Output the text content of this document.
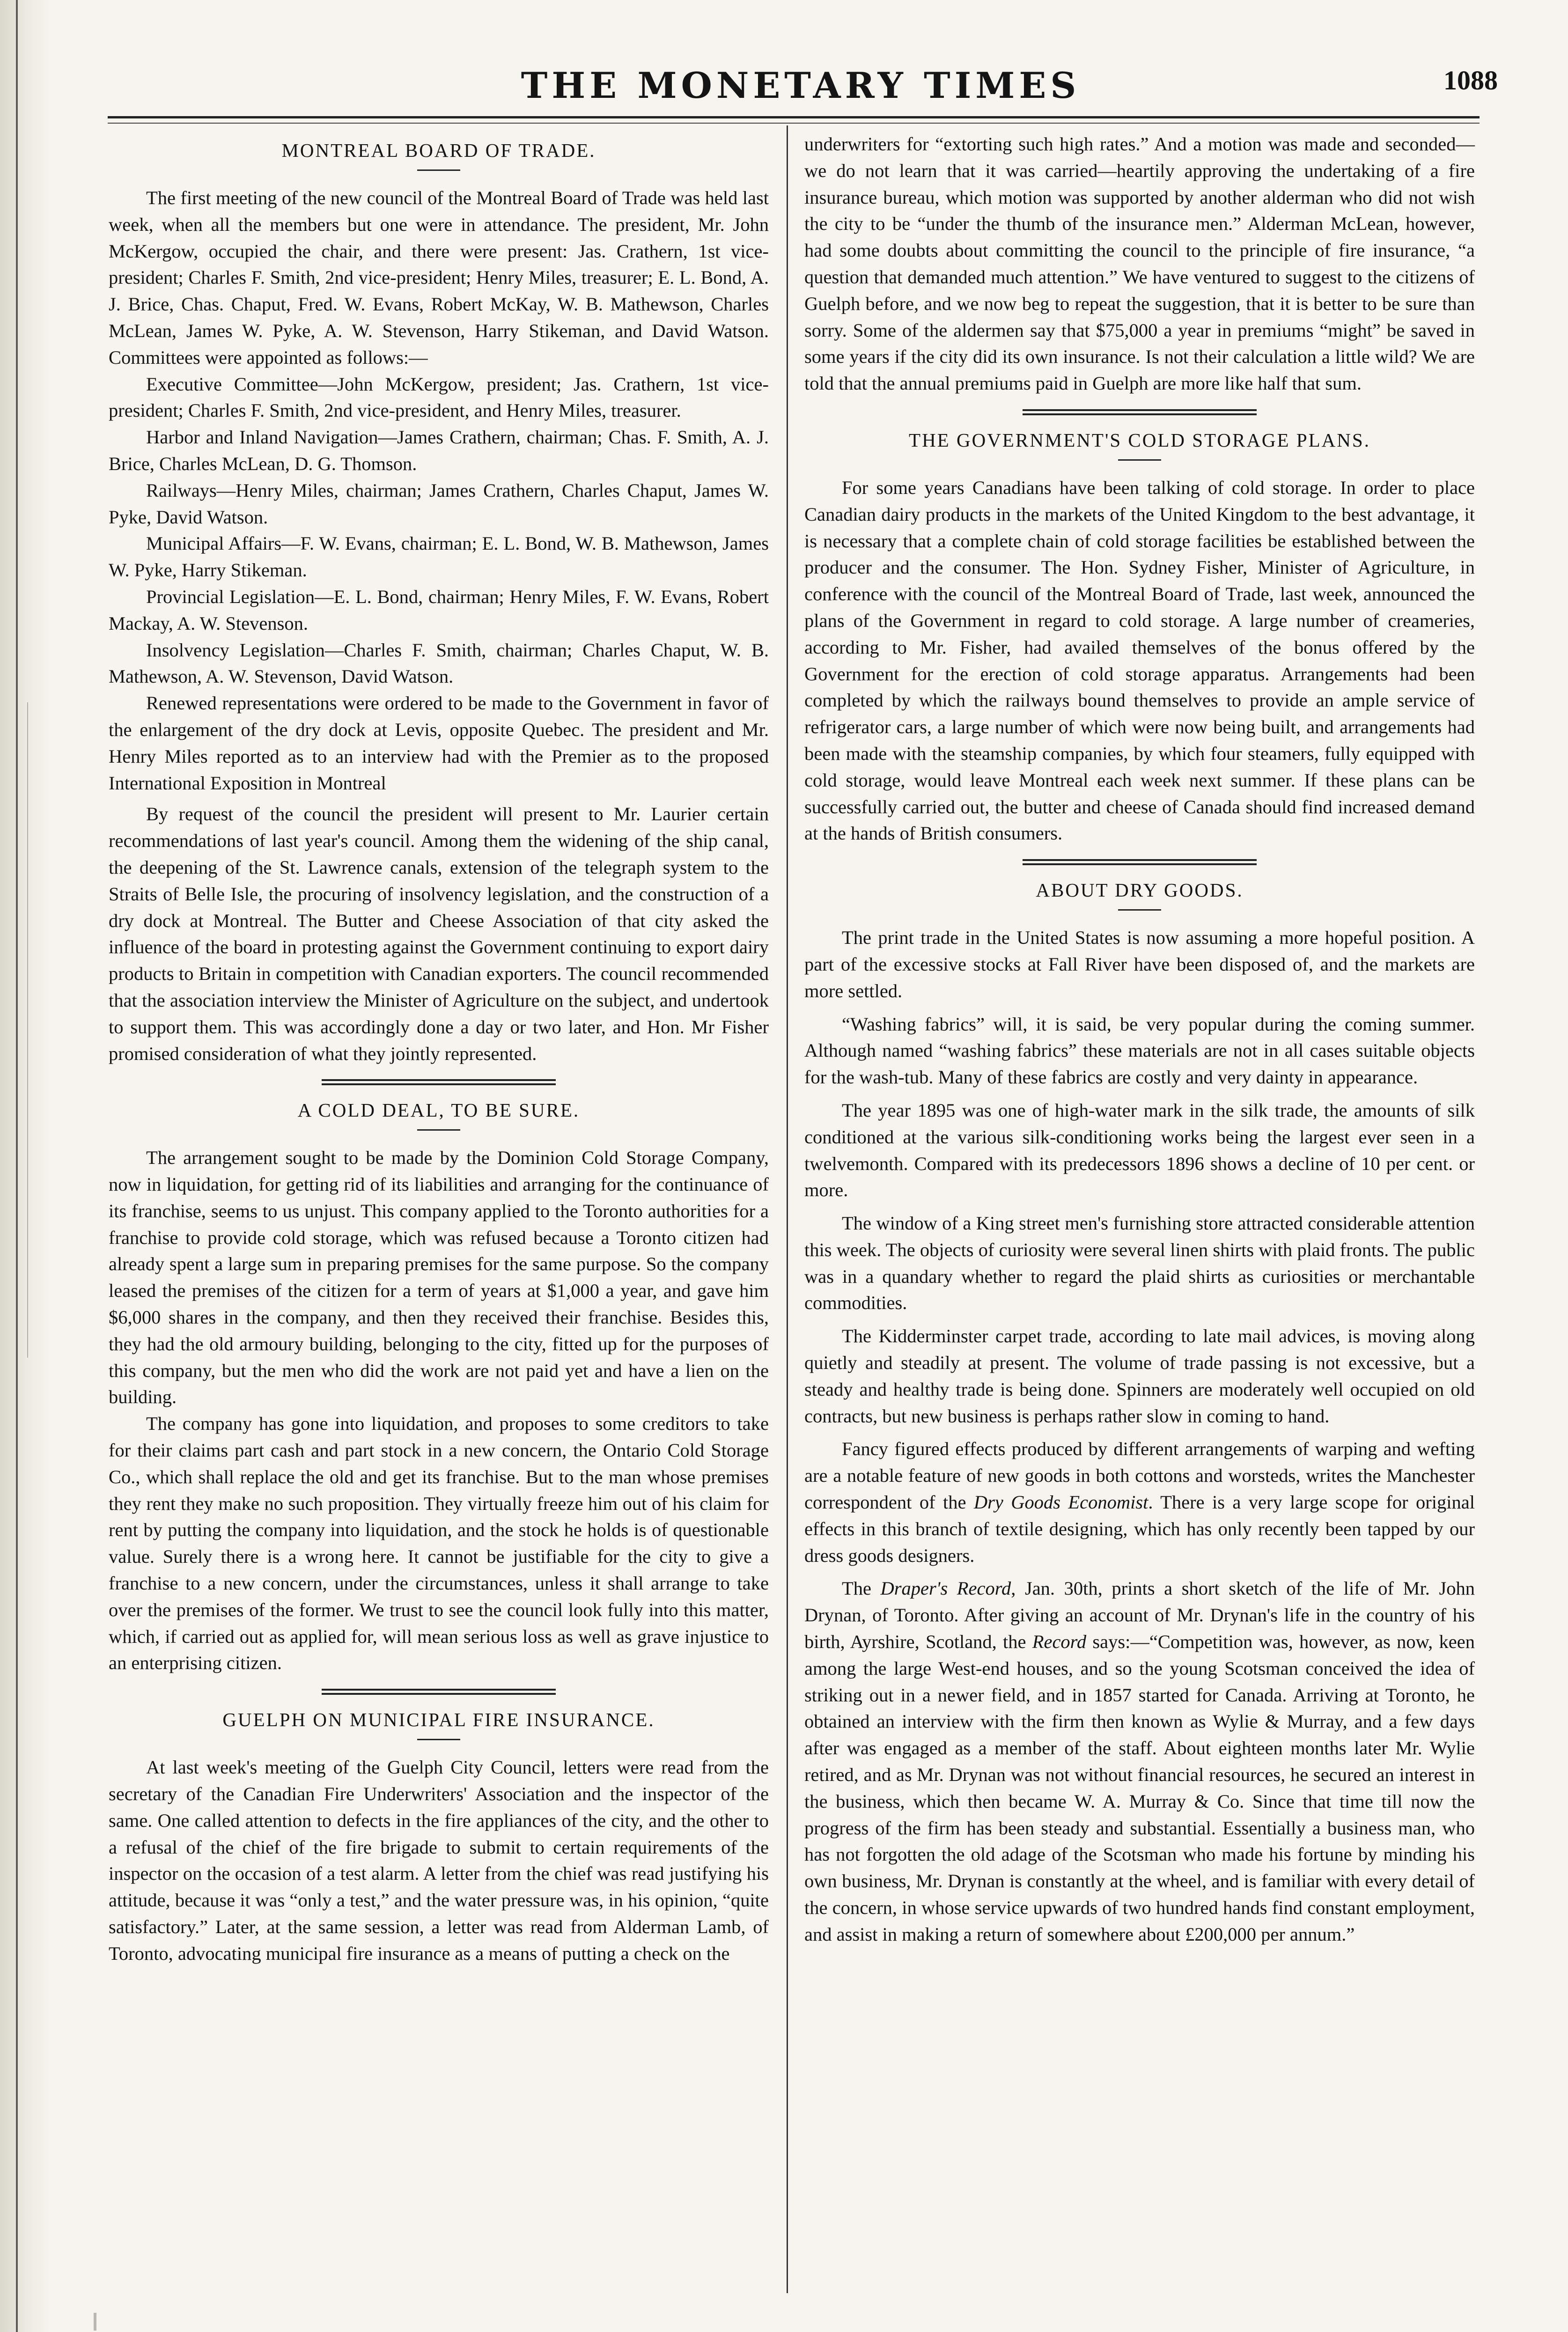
THE MONETARY TIMES	1088
MONTREAL BOARD OF TRADE.

The first meeting of the new council of the Montreal Board of Trade was held last week, when all the members but one were in attendance. The president, Mr. John McKergow, occupied the chair, and there were present: Jas. Crathern, 1st vice-president; Charles F. Smith, 2nd vice-president; Henry Miles, treasurer; E. L. Bond, A. J. Brice, Chas. Chaput, Fred. W. Evans, Robert McKay, W. B. Mathewson, Charles McLean, James W. Pyke, A. W. Stevenson, Harry Stikeman, and David Watson. Committees were appointed as follows:—

Executive Committee—John McKergow, president; Jas. Crathern, 1st vice-president; Charles F. Smith, 2nd vice-president, and Henry Miles, treasurer.

Harbor and Inland Navigation—James Crathern, chairman; Chas. F. Smith, A. J. Brice, Charles McLean, D. G. Thomson.

Railways—Henry Miles, chairman; James Crathern, Charles Chaput, James W. Pyke, David Watson.

Municipal Affairs—F. W. Evans, chairman; E. L. Bond, W. B. Mathewson, James W. Pyke, Harry Stikeman.

Provincial Legislation—E. L. Bond, chairman; Henry Miles, F. W. Evans, Robert Mackay, A. W. Stevenson.

Insolvency Legislation—Charles F. Smith, chairman; Charles Chaput, W. B. Mathewson, A. W. Stevenson, David Watson.

Renewed representations were ordered to be made to the Government in favor of the enlargement of the dry dock at Levis, opposite Quebec. The president and Mr. Henry Miles reported as to an interview had with the Premier as to the proposed International Exposition in Montreal

By request of the council the president will present to Mr. Laurier certain recommendations of last year's council. Among them the widening of the ship canal, the deepening of the St. Lawrence canals, extension of the telegraph system to the Straits of Belle Isle, the procuring of insolvency legislation, and the construction of a dry dock at Montreal. The Butter and Cheese Association of that city asked the influence of the board in protesting against the Government continuing to export dairy products to Britain in competition with Canadian exporters. The council recommended that the association interview the Minister of Agriculture on the subject, and undertook to support them. This was accordingly done a day or two later, and Hon. Mr Fisher promised consideration of what they jointly represented.

A COLD DEAL, TO BE SURE.

The arrangement sought to be made by the Dominion Cold Storage Company, now in liquidation, for getting rid of its liabilities and arranging for the continuance of its franchise, seems to us unjust. This company applied to the Toronto authorities for a franchise to provide cold storage, which was refused because a Toronto citizen had already spent a large sum in preparing premises for the same purpose. So the company leased the premises of the citizen for a term of years at $1,000 a year, and gave him $6,000 shares in the company, and then they received their franchise. Besides this, they had the old armoury building, belonging to the city, fitted up for the purposes of this company, but the men who did the work are not paid yet and have a lien on the building.

The company has gone into liquidation, and proposes to some creditors to take for their claims part cash and part stock in a new concern, the Ontario Cold Storage Co., which shall replace the old and get its franchise. But to the man whose premises they rent they make no such proposition. They virtually freeze him out of his claim for rent by putting the company into liquidation, and the stock he holds is of questionable value. Surely there is a wrong here. It cannot be justifiable for the city to give a franchise to a new concern, under the circumstances, unless it shall arrange to take over the premises of the former. We trust to see the council look fully into this matter, which, if carried out as applied for, will mean serious loss as well as grave injustice to an enterprising citizen.

GUELPH ON MUNICIPAL FIRE INSURANCE.

At last week's meeting of the Guelph City Council, letters were read from the secretary of the Canadian Fire Underwriters' Association and the inspector of the same. One called attention to defects in the fire appliances of the city, and the other to a refusal of the chief of the fire brigade to submit to certain requirements of the inspector on the occasion of a test alarm. A letter from the chief was read justifying his attitude, because it was “only a test,” and the water pressure was, in his opinion, “quite satisfactory.” Later, at the same session, a letter was read from Alderman Lamb, of Toronto, advocating municipal fire insurance as a means of putting a check on the

underwriters for “extorting such high rates.” And a motion was made and seconded—we do not learn that it was carried—heartily approving the undertaking of a fire insurance bureau, which motion was supported by another alderman who did not wish the city to be “under the thumb of the insurance men.” Alderman McLean, however, had some doubts about committing the council to the principle of fire insurance, “a question that demanded much attention.” We have ventured to suggest to the citizens of Guelph before, and we now beg to repeat the suggestion, that it is better to be sure than sorry. Some of the aldermen say that $75,000 a year in premiums “might” be saved in some years if the city did its own insurance. Is not their calculation a little wild? We are told that the annual premiums paid in Guelph are more like half that sum.

THE GOVERNMENT'S COLD STORAGE PLANS.

For some years Canadians have been talking of cold storage. In order to place Canadian dairy products in the markets of the United Kingdom to the best advantage, it is necessary that a complete chain of cold storage facilities be established between the producer and the consumer. The Hon. Sydney Fisher, Minister of Agriculture, in conference with the council of the Montreal Board of Trade, last week, announced the plans of the Government in regard to cold storage. A large number of creameries, according to Mr. Fisher, had availed themselves of the bonus offered by the Government for the erection of cold storage apparatus. Arrangements had been completed by which the railways bound themselves to provide an ample service of refrigerator cars, a large number of which were now being built, and arrangements had been made with the steamship companies, by which four steamers, fully equipped with cold storage, would leave Montreal each week next summer. If these plans can be successfully carried out, the butter and cheese of Canada should find increased demand at the hands of British consumers.

ABOUT DRY GOODS.

The print trade in the United States is now assuming a more hopeful position. A part of the excessive stocks at Fall River have been disposed of, and the markets are more settled.

“Washing fabrics” will, it is said, be very popular during the coming summer. Although named “washing fabrics” these materials are not in all cases suitable objects for the wash-tub. Many of these fabrics are costly and very dainty in appearance.

The year 1895 was one of high-water mark in the silk trade, the amounts of silk conditioned at the various silk-conditioning works being the largest ever seen in a twelvemonth. Compared with its predecessors 1896 shows a decline of 10 per cent. or more.

The window of a King street men's furnishing store attracted considerable attention this week. The objects of curiosity were several linen shirts with plaid fronts. The public was in a quandary whether to regard the plaid shirts as curiosities or merchantable commodities.

The Kidderminster carpet trade, according to late mail advices, is moving along quietly and steadily at present. The volume of trade passing is not excessive, but a steady and healthy trade is being done. Spinners are moderately well occupied on old contracts, but new business is perhaps rather slow in coming to hand.

Fancy figured effects produced by different arrangements of warping and wefting are a notable feature of new goods in both cottons and worsteds, writes the Manchester correspondent of the Dry Goods Economist. There is a very large scope for original effects in this branch of textile designing, which has only recently been tapped by our dress goods designers.

The Draper's Record, Jan. 30th, prints a short sketch of the life of Mr. John Drynan, of Toronto. After giving an account of Mr. Drynan's life in the country of his birth, Ayrshire, Scotland, the Record says:—“Competition was, however, as now, keen among the large West-end houses, and so the young Scotsman conceived the idea of striking out in a newer field, and in 1857 started for Canada. Arriving at Toronto, he obtained an interview with the firm then known as Wylie & Murray, and a few days after was engaged as a member of the staff. About eighteen months later Mr. Wylie retired, and as Mr. Drynan was not without financial resources, he secured an interest in the business, which then became W. A. Murray & Co. Since that time till now the progress of the firm has been steady and substantial. Essentially a business man, who has not forgotten the old adage of the Scotsman who made his fortune by minding his own business, Mr. Drynan is constantly at the wheel, and is familiar with every detail of the concern, in whose service upwards of two hundred hands find constant employment, and assist in making a return of somewhere about £200,000 per annum.”
